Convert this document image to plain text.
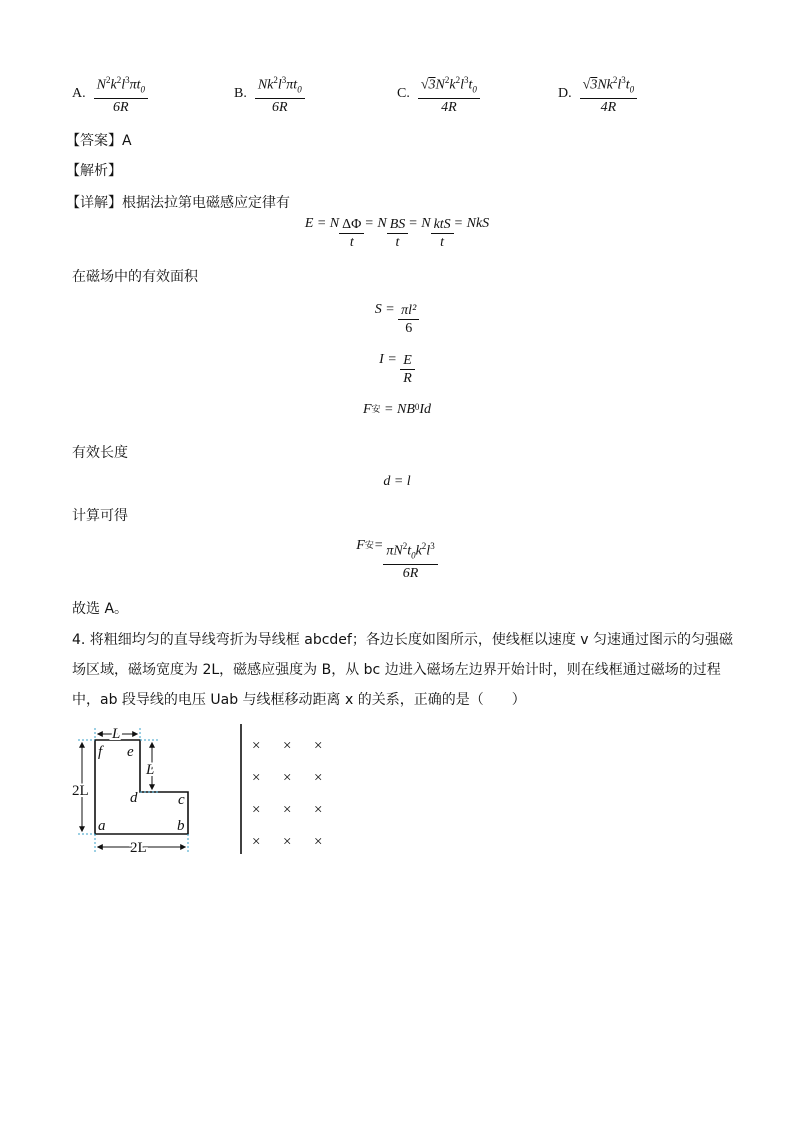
A. $\frac{N^2k^2l^3\pi t_0}{6R}$	B. $\frac{Nk^2l^3\pi t_0}{6R}$	C. $\frac{√3N^2k^2l^3t_0}{4R}$	D. $\frac{√3Nk^2l^3t_0}{4R}$
【答案】A
【解析】
【详解】根据法拉第电磁感应定律有
E = N $\frac{\Delta\Phi}{t} = N \frac{BS}{t} = N \frac{\text{ktS}}{t}$ = NkS
在磁场中的有效面积
S =
$\frac{\text{πl²}}{6}$
I =
$\frac{E}{R}$
F 安
= NB 0 Id
有效长度
d = l
计算可得
F 安 = $\frac{\pi N^2t_0k^2l^3}{6R}$
故选 A。
4. 将粗细均匀的直导线弯折为导线框 abcdef；各边长度如图所示，使线框以速度 v 匀速通过图示的匀强磁
场区域，磁场宽度为 2L，磁感应强度为 B，从 bc 边进入磁场左边界开始计时，则在线框通过磁场的过程
中，ab 段导线的电压 Uab 与线框移动距离 x 的关系，正确的是（　　）
L
L
2L
2L
f e
d	c
a	b
× × ×
× × ×
× × ×
× × ×
